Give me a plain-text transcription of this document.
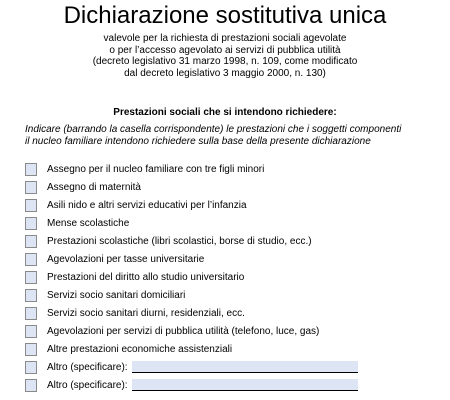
Dichiarazione sostitutiva unica
valevole per la richiesta di prestazioni sociali agevolate
o per l’accesso agevolato ai servizi di pubblica utilità
(decreto legislativo 31 marzo 1998, n. 109, come modificato
dal decreto legislativo 3 maggio 2000, n. 130)
Prestazioni sociali che si intendono richiedere:
Indicare (barrando la casella corrispondente) le prestazioni che i soggetti componenti
il nucleo familiare intendono richiedere sulla base della presente dichiarazione
Assegno per il nucleo familiare con tre figli minori
Assegno di maternità
Asili nido e altri servizi educativi per l’infanzia
Mense scolastiche
Prestazioni scolastiche (libri scolastici, borse di studio, ecc.)
Agevolazioni per tasse universitarie
Prestazioni del diritto allo studio universitario
Servizi socio sanitari domiciliari
Servizi socio sanitari diurni, residenziali, ecc.
Agevolazioni per servizi di pubblica utilità (telefono, luce, gas)
Altre prestazioni economiche assistenziali
Altro (specificare):
Altro (specificare):
